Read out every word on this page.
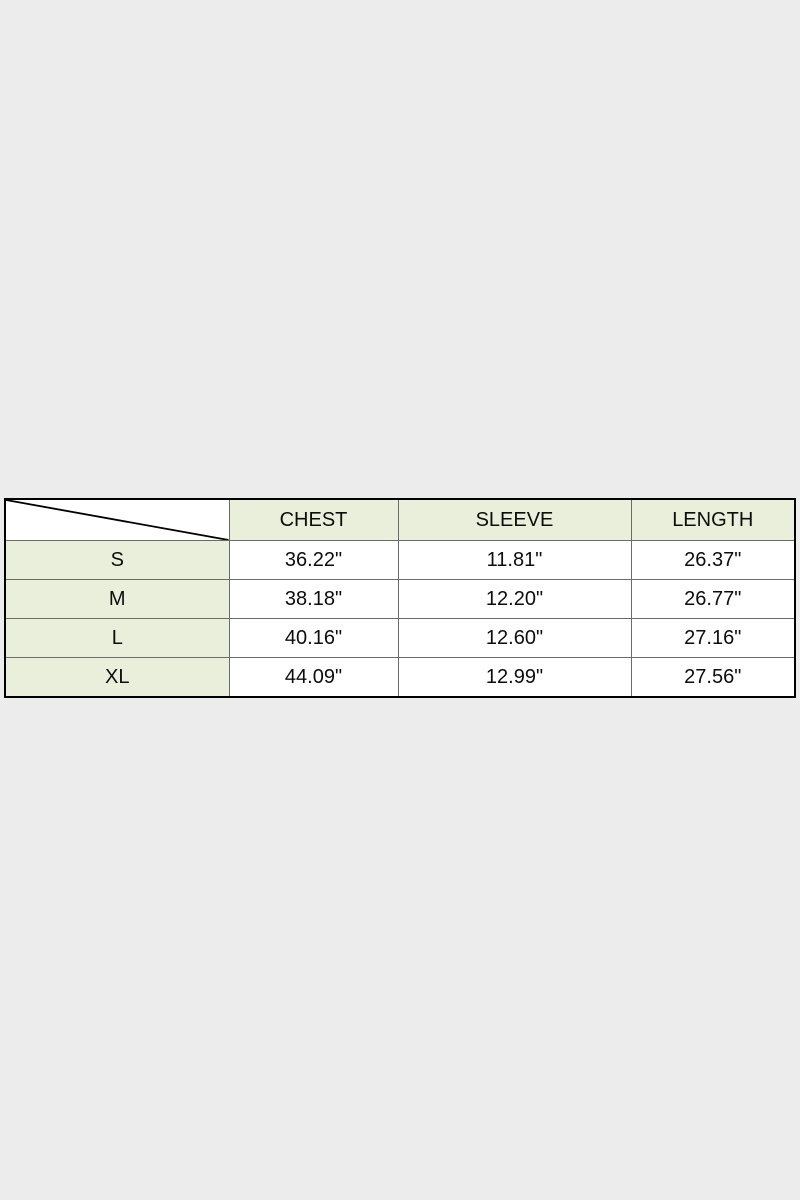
	CHEST	SLEEVE	LENGTH
S	36.22"	11.81"	26.37"
M	38.18"	12.20"	26.77"
L	40.16"	12.60"	27.16"
XL	44.09"	12.99"	27.56"
